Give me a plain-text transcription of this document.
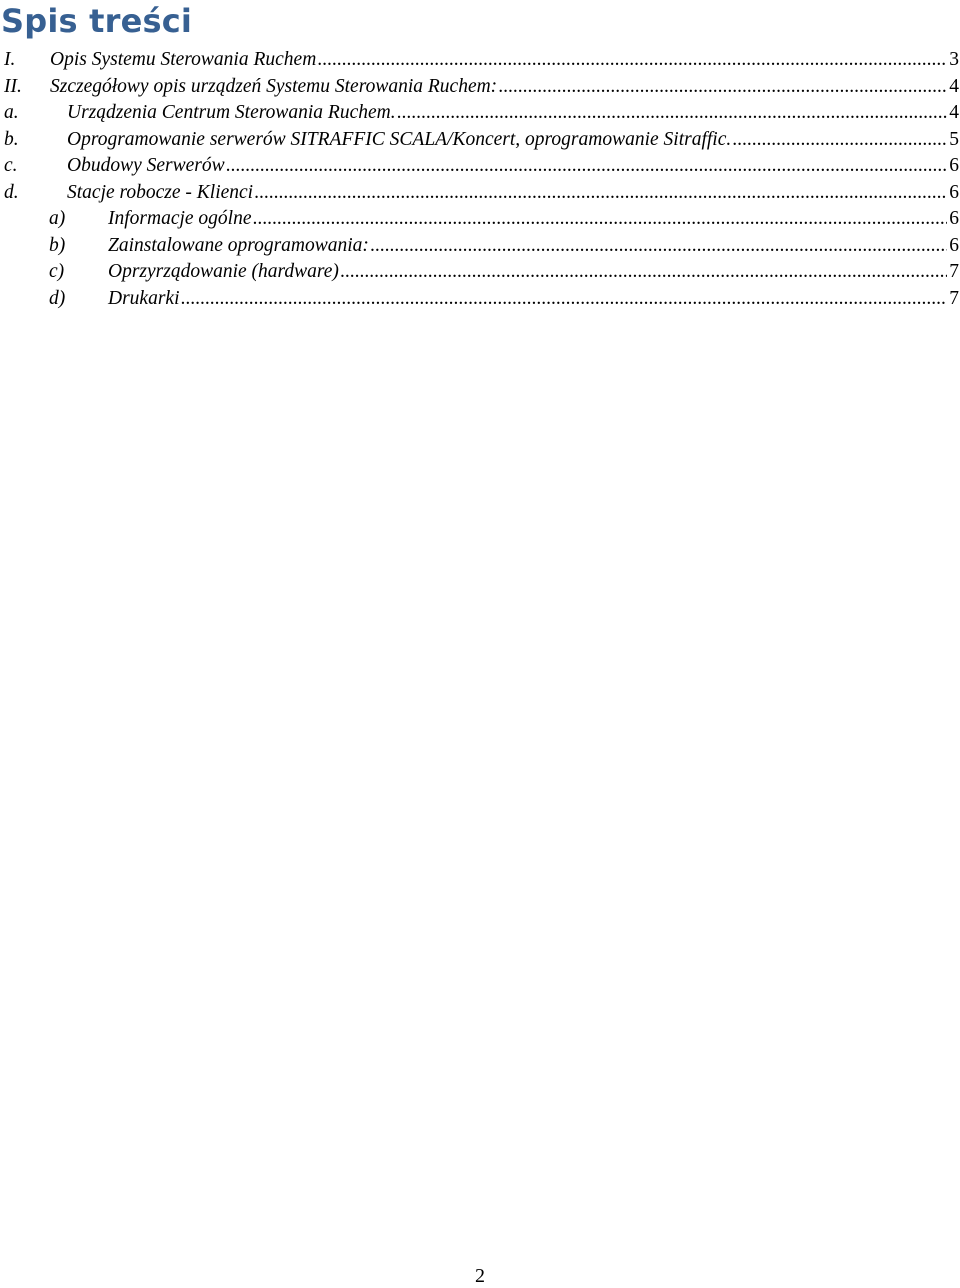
Spis treści
I.	Opis Systemu Sterowania Ruchem .....	3
II.	Szczegółowy opis urządzeń Systemu Sterowania Ruchem: .....	4
a.	Urządzenia Centrum Sterowania Ruchem. .....	4
b.	Oprogramowanie serwerów SITRAFFIC SCALA/Koncert, oprogramowanie Sitraffic. .....	5
c.	Obudowy Serwerów .....	6
d.	Stacje robocze - Klienci .....	6
a)	Informacje ogólne .....	6
b)	Zainstalowane oprogramowania: .....	6
c)	Oprzyrządowanie (hardware) .....	7
d)	Drukarki .....	7
2
